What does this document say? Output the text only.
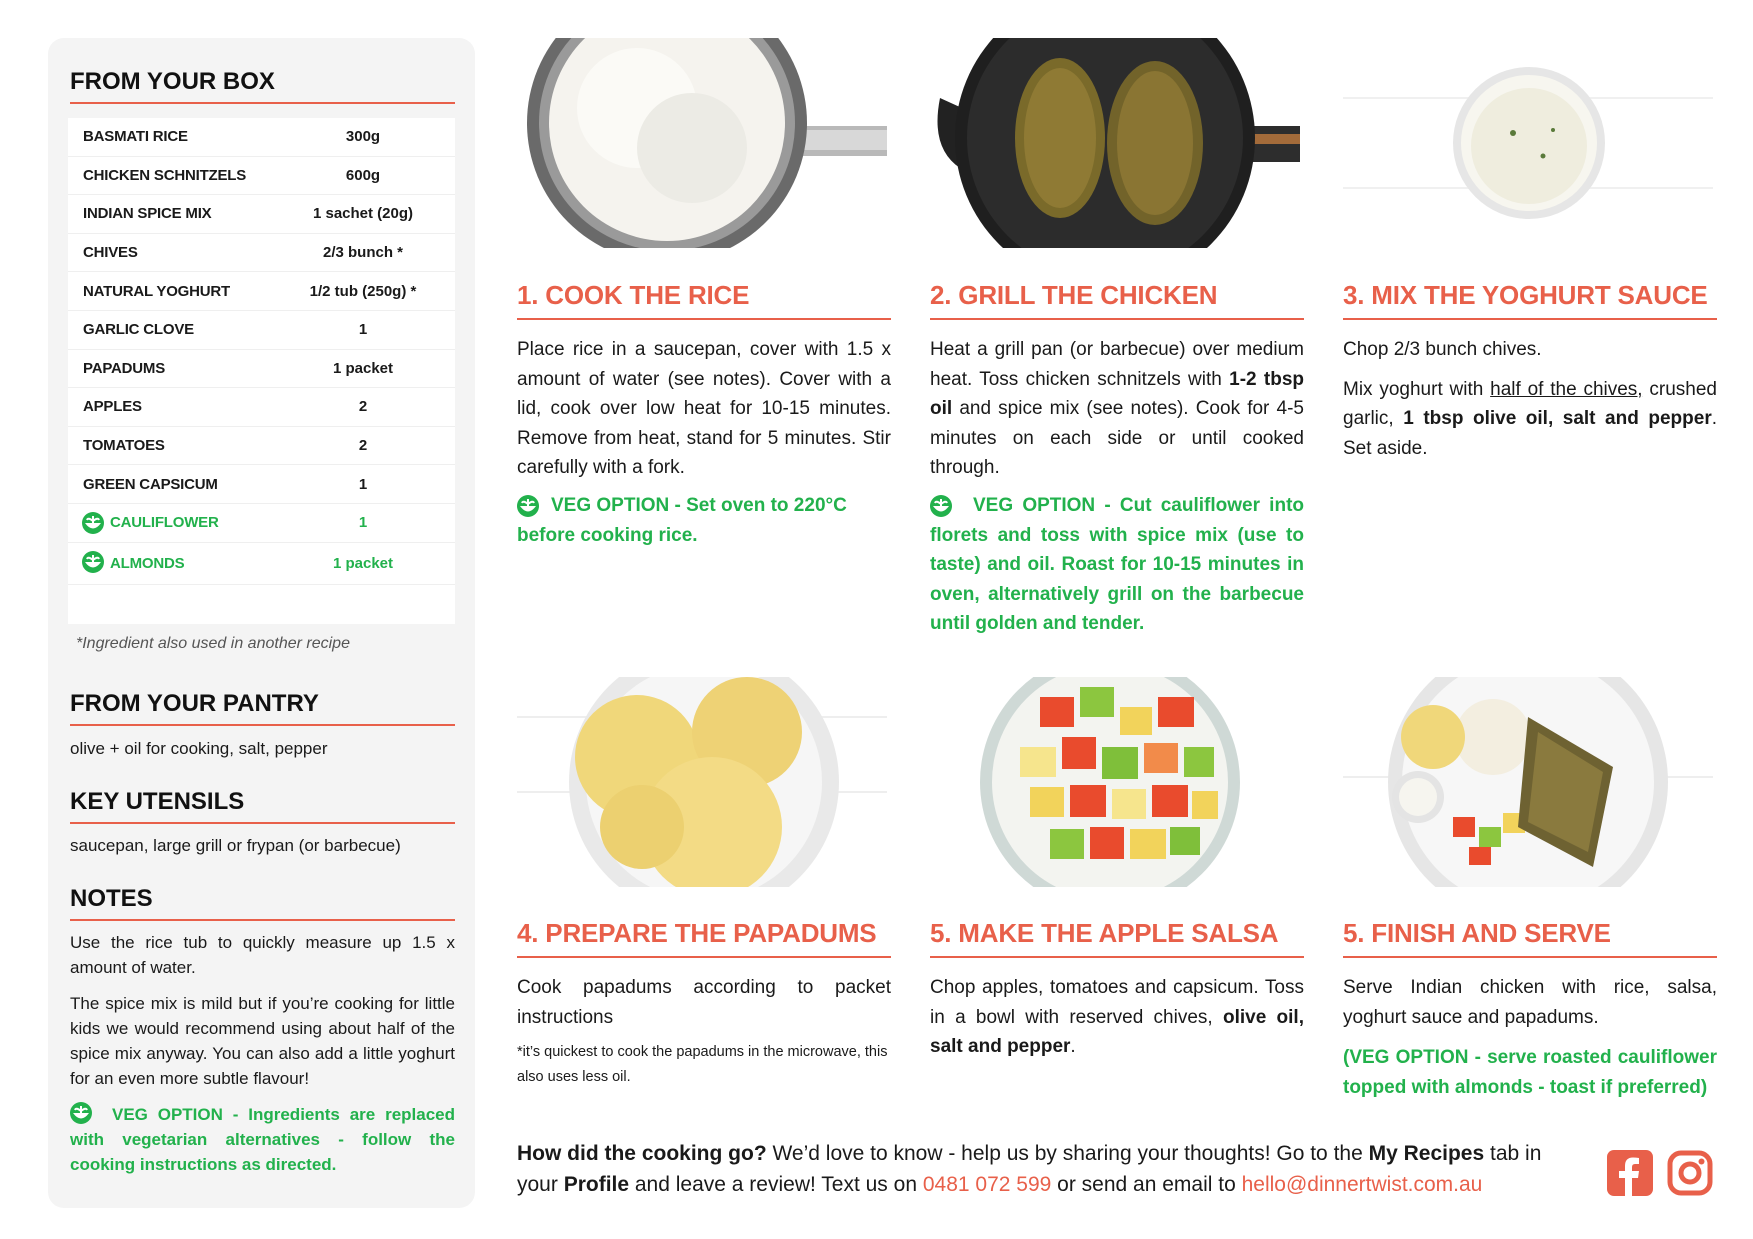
FROM YOUR BOX
BASMATI RICE	300g
CHICKEN SCHNITZELS	600g
INDIAN SPICE MIX	1 sachet (20g)
CHIVES	2/3 bunch *
NATURAL YOGHURT	1/2 tub (250g) *
GARLIC CLOVE	1
PAPADUMS	1 packet
APPLES	2
TOMATOES	2
GREEN CAPSICUM	1
CAULIFLOWER	1
ALMONDS	1 packet
*Ingredient also used in another recipe
FROM YOUR PANTRY
olive + oil for cooking, salt, pepper
KEY UTENSILS
saucepan, large grill or frypan (or barbecue)
NOTES
Use the rice tub to quickly measure up 1.5 x amount of water.
The spice mix is mild but if you’re cooking for little kids we would recommend using about half of the spice mix anyway. You can also add a little yoghurt for an even more subtle flavour!
VEG OPTION - Ingredients are replaced with vegetarian alternatives - follow the cooking instructions as directed.
1. COOK THE RICE
Place rice in a saucepan, cover with 1.5 x amount of water (see notes). Cover with a lid, cook over low heat for 10-15 minutes. Remove from heat, stand for 5 minutes. Stir carefully with a fork.
VEG OPTION - Set oven to 220°C before cooking rice.
2. GRILL THE CHICKEN
Heat a grill pan (or barbecue) over medium heat. Toss chicken schnitzels with 1-2 tbsp oil and spice mix (see notes). Cook for 4-5 minutes on each side or until cooked through.
VEG OPTION - Cut cauliflower into florets and toss with spice mix (use to taste) and oil. Roast for 10-15 minutes in oven, alternatively grill on the barbecue until golden and tender.
3. MIX THE YOGHURT SAUCE

Chop 2/3 bunch chives.

Mix yoghurt with half of the chives, crushed garlic, 1 tbsp olive oil, salt and pepper. Set aside.

4. PREPARE THE PAPADUMS
Cook papadums according to packet instructions
*it’s quickest to cook the papadums in the microwave, this also uses less oil.
5. MAKE THE APPLE SALSA
Chop apples, tomatoes and capsicum. Toss in a bowl with reserved chives, olive oil, salt and pepper.
5. FINISH AND SERVE
Serve Indian chicken with rice, salsa, yoghurt sauce and papadums.
(VEG OPTION - serve roasted cauliflower topped with almonds - toast if preferred)
How did the cooking go? We’d love to know - help us by sharing your thoughts! Go to the My Recipes tab in your Profile and leave a review! Text us on 0481 072 599 or send an email to hello@dinnertwist.com.au
